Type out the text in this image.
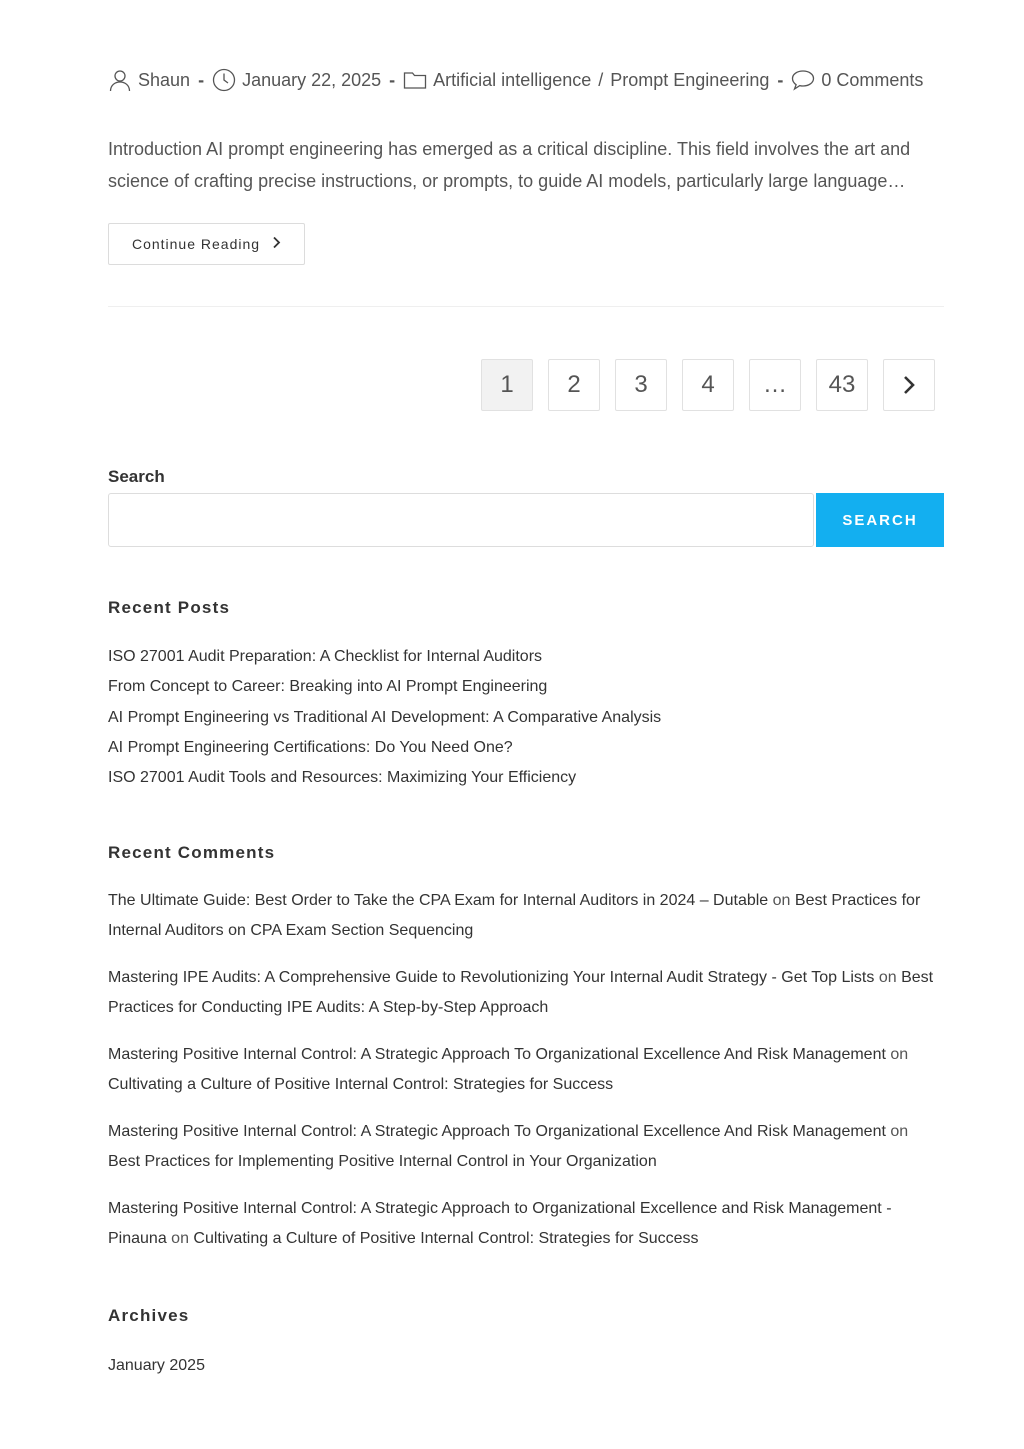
Shaun - January 22, 2025 - Artificial intelligence / Prompt Engineering - 0 Comments

Introduction AI prompt engineering has emerged as a critical discipline. This field involves the art and science of crafting precise instructions, or prompts, to guide AI models, particularly large language…

Continue Reading
1	2	3	4	…	43
Search
SEARCH
Recent Posts
ISO 27001 Audit Preparation: A Checklist for Internal Auditors
From Concept to Career: Breaking into AI Prompt Engineering
AI Prompt Engineering vs Traditional AI Development: A Comparative Analysis
AI Prompt Engineering Certifications: Do You Need One?
ISO 27001 Audit Tools and Resources: Maximizing Your Efficiency
Recent Comments
The Ultimate Guide: Best Order to Take the CPA Exam for Internal Auditors in 2024 – Dutable on Best Practices for Internal Auditors on CPA Exam Section Sequencing
Mastering IPE Audits: A Comprehensive Guide to Revolutionizing Your Internal Audit Strategy - Get Top Lists on Best Practices for Conducting IPE Audits: A Step-by-Step Approach
Mastering Positive Internal Control: A Strategic Approach To Organizational Excellence And Risk Management on Cultivating a Culture of Positive Internal Control: Strategies for Success
Mastering Positive Internal Control: A Strategic Approach To Organizational Excellence And Risk Management on Best Practices for Implementing Positive Internal Control in Your Organization
Mastering Positive Internal Control: A Strategic Approach to Organizational Excellence and Risk Management - Pinauna on Cultivating a Culture of Positive Internal Control: Strategies for Success
Archives
January 2025
